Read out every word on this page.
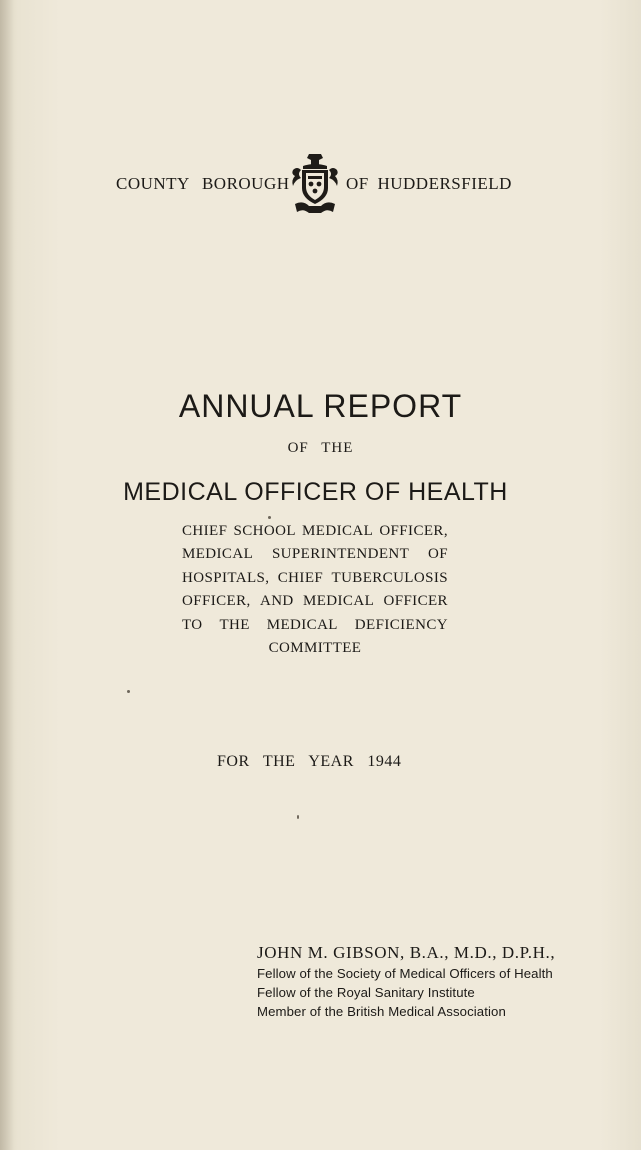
COUNTY BOROUGH	OF HUDDERSFIELD
ANNUAL REPORT
OF THE
MEDICAL OFFICER OF HEALTH
CHIEF SCHOOL MEDICAL OFFICER,
MEDICAL SUPERINTENDENT OF
HOSPITALS, CHIEF TUBERCULOSIS
OFFICER, AND MEDICAL OFFICER
TO THE MEDICAL DEFICIENCY
COMMITTEE
FOR THE YEAR 1944
JOHN M. GIBSON, B.A., M.D., D.P.H.,
Fellow of the Society of Medical Officers of Health
Fellow of the Royal Sanitary Institute
Member of the British Medical Association
